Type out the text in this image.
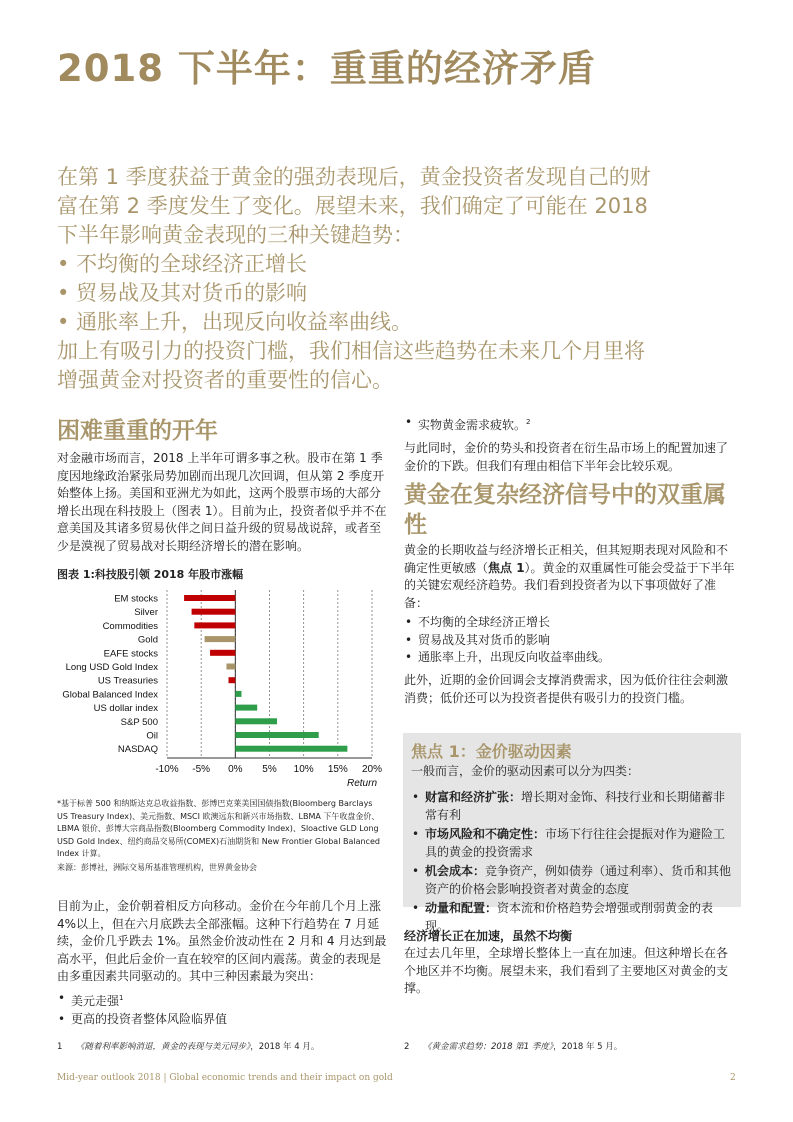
2018 下半年：重重的经济矛盾
在第 1 季度获益于黄金的强劲表现后，黄金投资者发现自己的财
富在第 2 季度发生了变化。展望未来，我们确定了可能在 2018
下半年影响黄金表现的三种关键趋势：
• 不均衡的全球经济正增长
• 贸易战及其对货币的影响
• 通胀率上升，出现反向收益率曲线。
加上有吸引力的投资门槛，我们相信这些趋势在未来几个月里将
增强黄金对投资者的重要性的信心。
困难重重的开年
对金融市场而言，2018 上半年可谓多事之秋。股市在第 1 季度因地缘政治紧张局势加剧而出现几次回调，但从第 2 季度开始整体上扬。美国和亚洲尤为如此，这两个股票市场的大部分增长出现在科技股上（图表 1）。目前为止，投资者似乎并不在意美国及其诸多贸易伙伴之间日益升级的贸易战说辞，或者至少是漠视了贸易战对长期经济增长的潜在影响。
图表 1:科技股引领 2018 年股市涨幅
-10% -5% 0% 5% 10% 15% 20%
EM stocks
Silver
Commodities
Gold
EAFE stocks
Long USD Gold Index
US Treasuries
Global Balanced Index
US dollar index
S&P 500
Oil
NASDAQ
Return
*基于标普 500 和纳斯达克总收益指数、彭博巴克莱美国国债指数(Bloomberg Barclays US Treasury Index)、美元指数、MSCI 欧澳远东和新兴市场指数、LBMA 下午收盘金价、LBMA 银价、彭博大宗商品指数(Bloomberg Commodity Index)、Sloactive GLD Long USD Gold Index、纽约商品交易所(COMEX)石油期货和 New Frontier Global Balanced Index 计算。
来源：彭博社，洲际交易所基准管理机构，世界黄金协会
目前为止，金价朝着相反方向移动。金价在今年前几个月上涨 4%以上，但在六月底跌去全部涨幅。这种下行趋势在 7 月延续，金价几乎跌去 1%。虽然金价波动性在 2 月和 4 月达到最高水平，但此后金价一直在较窄的区间内震荡。黄金的表现是由多重因素共同驱动的。其中三种因素最为突出：
• 美元走强$^1$
• 更高的投资者整体风险临界值
• 实物黄金需求疲软。$^2$
与此同时，金价的势头和投资者在衍生品市场上的配置加速了金价的下跌。但我们有理由相信下半年会比较乐观。
黄金在复杂经济信号中的双重属性
黄金的长期收益与经济增长正相关，但其短期表现对风险和不确定性更敏感（焦点 1）。黄金的双重属性可能会受益于下半年的关键宏观经济趋势。我们看到投资者为以下事项做好了准备：
• 不均衡的全球经济正增长
• 贸易战及其对货币的影响
• 通胀率上升，出现反向收益率曲线。
此外，近期的金价回调会支撑消费需求，因为低价往往会刺激消费；低价还可以为投资者提供有吸引力的投资门槛。
焦点 1：金价驱动因素
一般而言，金价的驱动因素可以分为四类：
• 财富和经济扩张：增长期对金饰、科技行业和长期储蓄非常有利
• 市场风险和不确定性：市场下行往往会提振对作为避险工具的黄金的投资需求
• 机会成本：竞争资产，例如债券（通过利率）、货币和其他资产的价格会影响投资者对黄金的态度
• 动量和配置：资本流和价格趋势会增强或削弱黄金的表现。
经济增长正在加速，虽然不均衡
在过去几年里，全球增长整体上一直在加速。但这种增长在各个地区并不均衡。展望未来，我们看到了主要地区对黄金的支撑。
1 《随着利率影响消退，黄金的表现与美元同步》，2018 年 4 月。	2 《黄金需求趋势：2018 第1 季度》，2018 年 5 月。
Mid-year outlook 2018 | Global economic trends and their impact on gold	2
